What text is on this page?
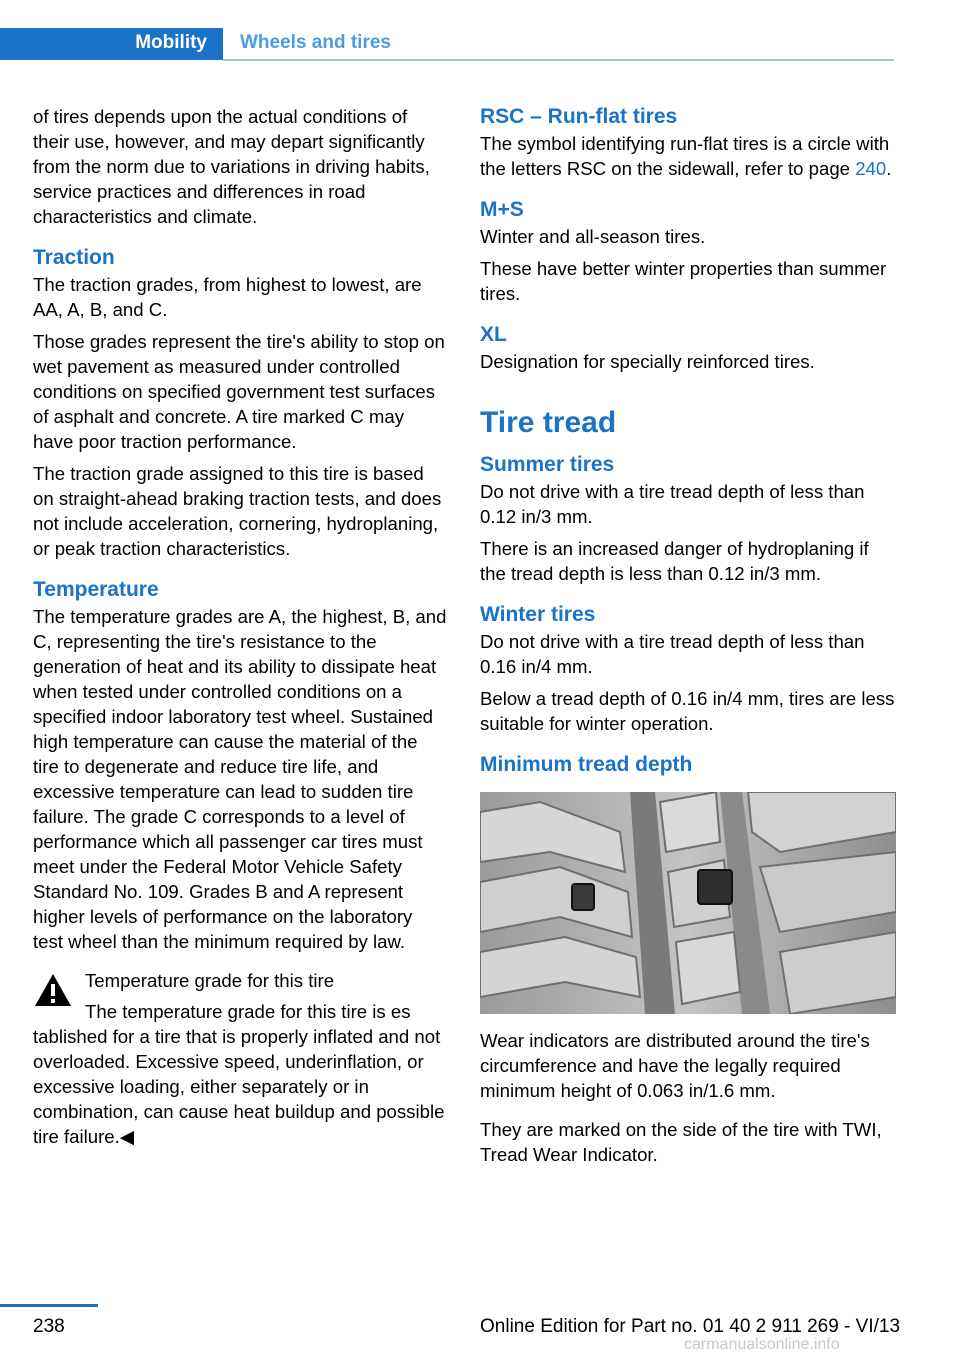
Mobility	Wheels and tires

of tires depends upon the actual conditions of their use, however, and may depart significantly from the norm due to variations in driving habits, service practices and differences in road characteristics and climate.

Traction

The traction grades, from highest to lowest, are AA, A, B, and C.

Those grades represent the tire's ability to stop on wet pavement as measured under controlled conditions on specified government test surfaces of asphalt and concrete. A tire marked C may have poor traction performance.

The traction grade assigned to this tire is based on straight-ahead braking traction tests, and does not include acceleration, cornering, hydroplaning, or peak traction characteristics.

Temperature

The temperature grades are A, the highest, B, and C, representing the tire's resistance to the generation of heat and its ability to dissipate heat when tested under controlled conditions on a specified indoor laboratory test wheel. Sustained high temperature can cause the material of the tire to degenerate and reduce tire life, and excessive temperature can lead to sudden tire failure. The grade C corresponds to a level of performance which all passenger car tires must meet under the Federal Motor Vehicle Safety Standard No. 109. Grades B and A represent higher levels of performance on the laboratory test wheel than the minimum required by law.

Temperature grade for this tire

The temperature grade for this tire is es

tablished for a tire that is properly inflated and not overloaded. Excessive speed, underinflation, or excessive loading, either separately or in combination, can cause heat buildup and possible tire failure.◀

RSC – Run-flat tires

The symbol identifying run-flat tires is a circle with the letters RSC on the sidewall, refer to page 240.

M+S

Winter and all-season tires.

These have better winter properties than summer tires.

XL

Designation for specially reinforced tires.

Tire tread
Summer tires

Do not drive with a tire tread depth of less than 0.12 in/3 mm.

There is an increased danger of hydroplaning if the tread depth is less than 0.12 in/3 mm.

Winter tires

Do not drive with a tire tread depth of less than 0.16 in/4 mm.

Below a tread depth of 0.16 in/4 mm, tires are less suitable for winter operation.

Minimum tread depth

Wear indicators are distributed around the tire's circumference and have the legally required minimum height of 0.063 in/1.6 mm.

They are marked on the side of the tire with TWI, Tread Wear Indicator.

238	Online Edition for Part no. 01 40 2 911 269 - VI/13
carmanualsonline.info
